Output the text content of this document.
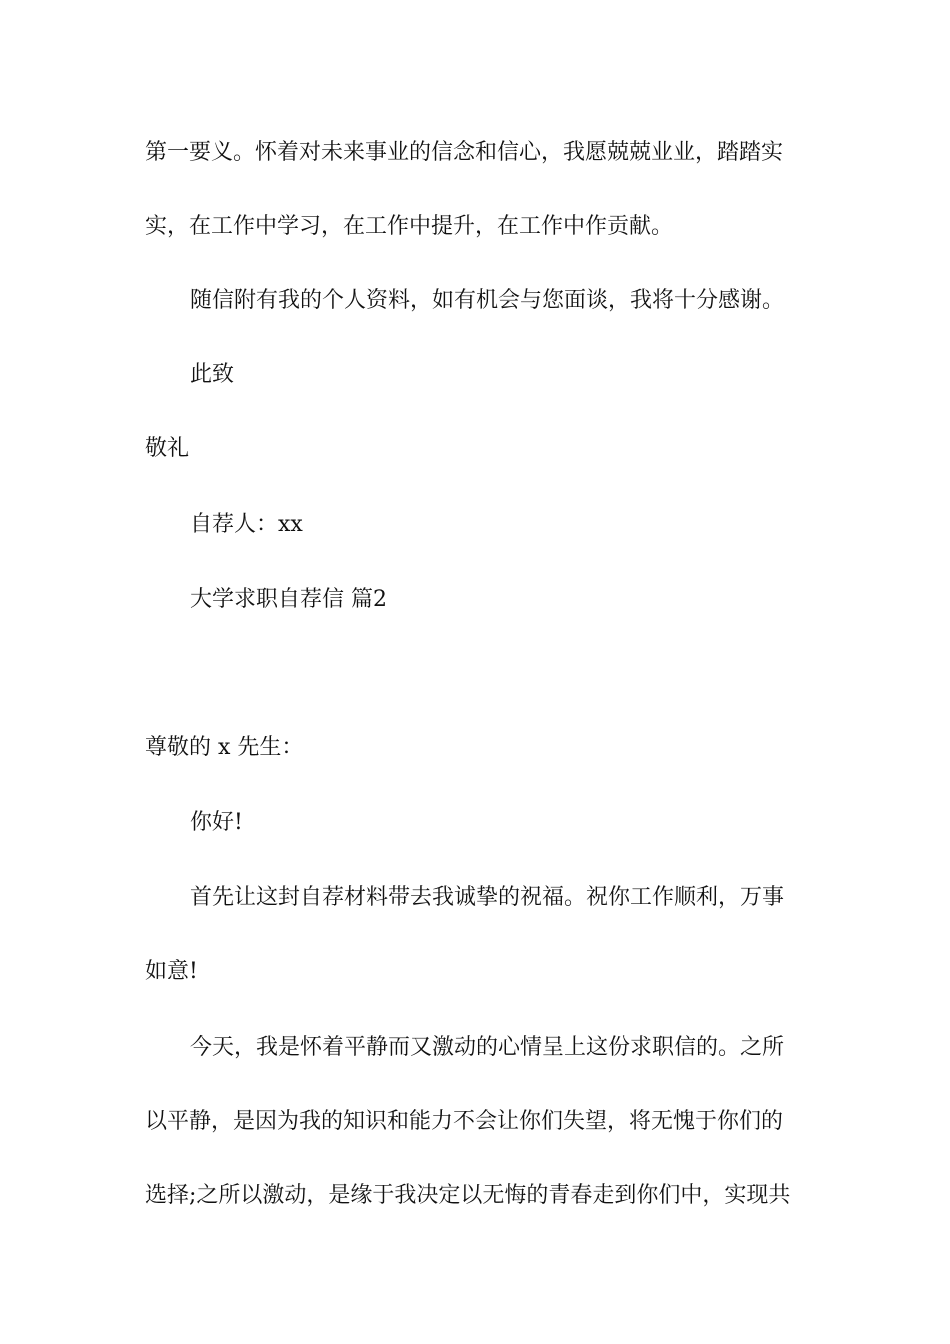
第一要义。怀着对未来事业的信念和信心，我愿兢兢业业，踏踏实

实，在工作中学习，在工作中提升，在工作中作贡献。

随信附有我的个人资料，如有机会与您面谈，我将十分感谢。

此致

敬礼

自荐人：xx

大学求职自荐信 篇2

尊敬的 x 先生：

你好!

首先让这封自荐材料带去我诚挚的祝福。祝你工作顺利，万事

如意!

今天，我是怀着平静而又激动的心情呈上这份求职信的。之所

以平静，是因为我的知识和能力不会让你们失望，将无愧于你们的

选择;之所以激动，是缘于我决定以无悔的青春走到你们中，实现共
